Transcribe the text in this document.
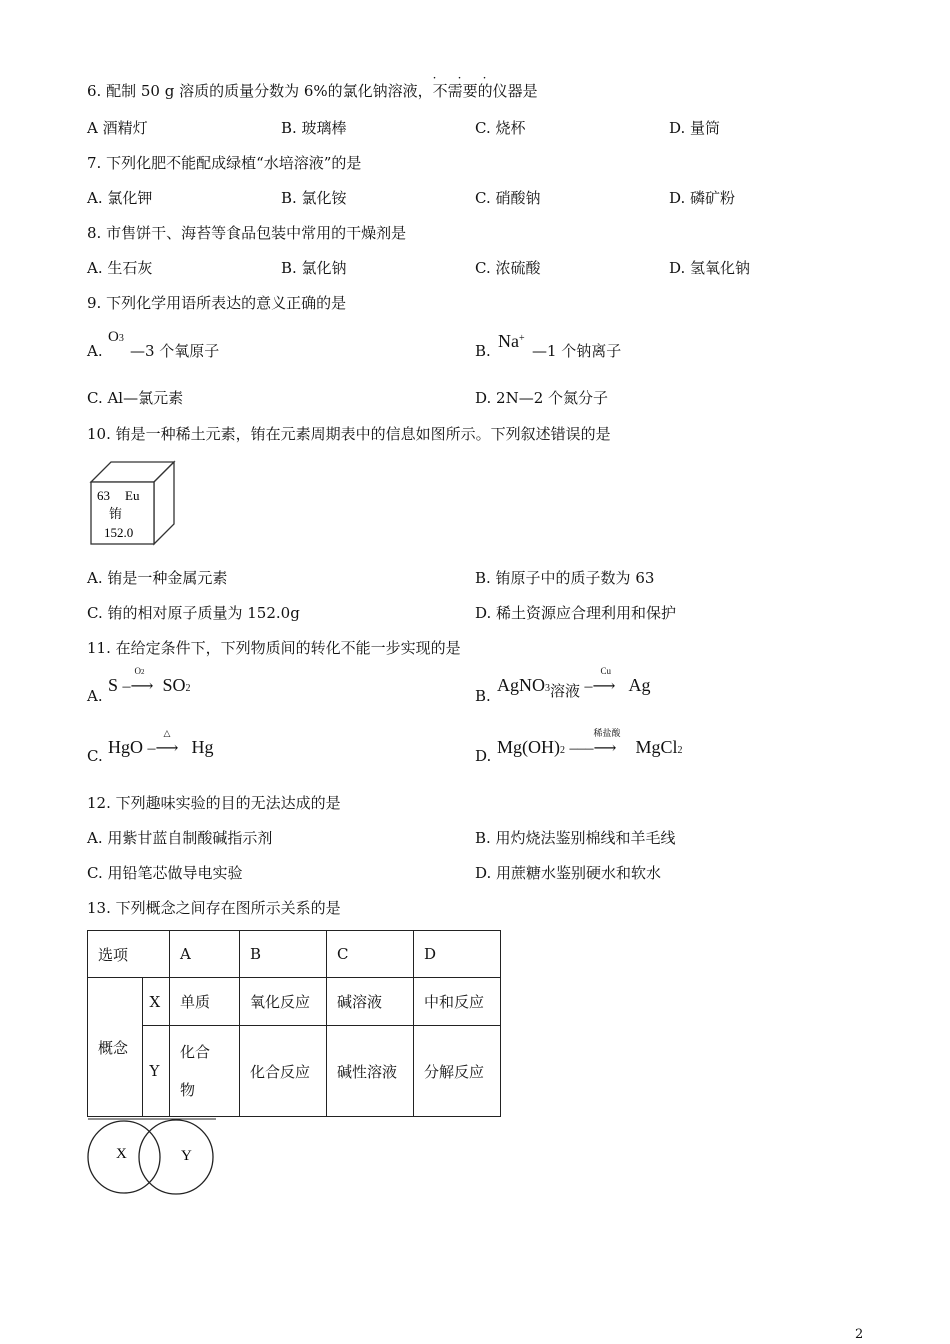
6. 配制 50 g 溶质的质量分数为 6%的氯化钠溶液，不需要
· · ·
的仪器是
A 酒精灯	B. 玻璃棒	C. 烧杯	D. 量筒
7. 下列化肥不能配成绿植“水培溶液”的是
A. 氯化钾	B. 氯化铵	C. 硝酸钠	D. 磷矿粉
8. 市售饼干、海苔等食品包装中常用的干燥剂是
A. 生石灰	B. 氯化钠	C. 浓硫酸	D. 氢氧化钠
9. 下列化学用语所表达的意义正确的是
A.
O3
—3 个氧原子	B. Na+
—1 个钠离子
C. Al—氯元素	D. 2N—2 个氮分子
10. 铕是一种稀土元素，铕在元素周期表中的信息如图所示。下列叙述错误的是
63 Eu
铕
152.0
A. 铕是一种金属元素	B. 铕原子中的质子数为 63
C. 铕的相对原子质量为 152.0g	D. 稀土资源应合理利用和保护
11. 在给定条件下，下列物质间的转化不能一步实现的是
A.
S
O2
–⟶ SO2	B.
$AgNO3_{溶液}$
Cu
–⟶ Ag
C. HgO
△
–⟶ Hg	D. Mg(OH)2
稀盐酸
–––⟶ MgCl2
12. 下列趣味实验的目的无法达成的是
A. 用紫甘蓝自制酸碱指示剂	B. 用灼烧法鉴别棉线和羊毛线
C. 用铅笔芯做导电实验	D. 用蔗糖水鉴别硬水和软水
13. 下列概念之间存在图所示关系的是
选项		A	B	C	D
概念	X	单质	氧化反应	碱溶液	中和反应
	Y	化合
物	化合反应	碱性溶液	分解反应
X	Y
2
